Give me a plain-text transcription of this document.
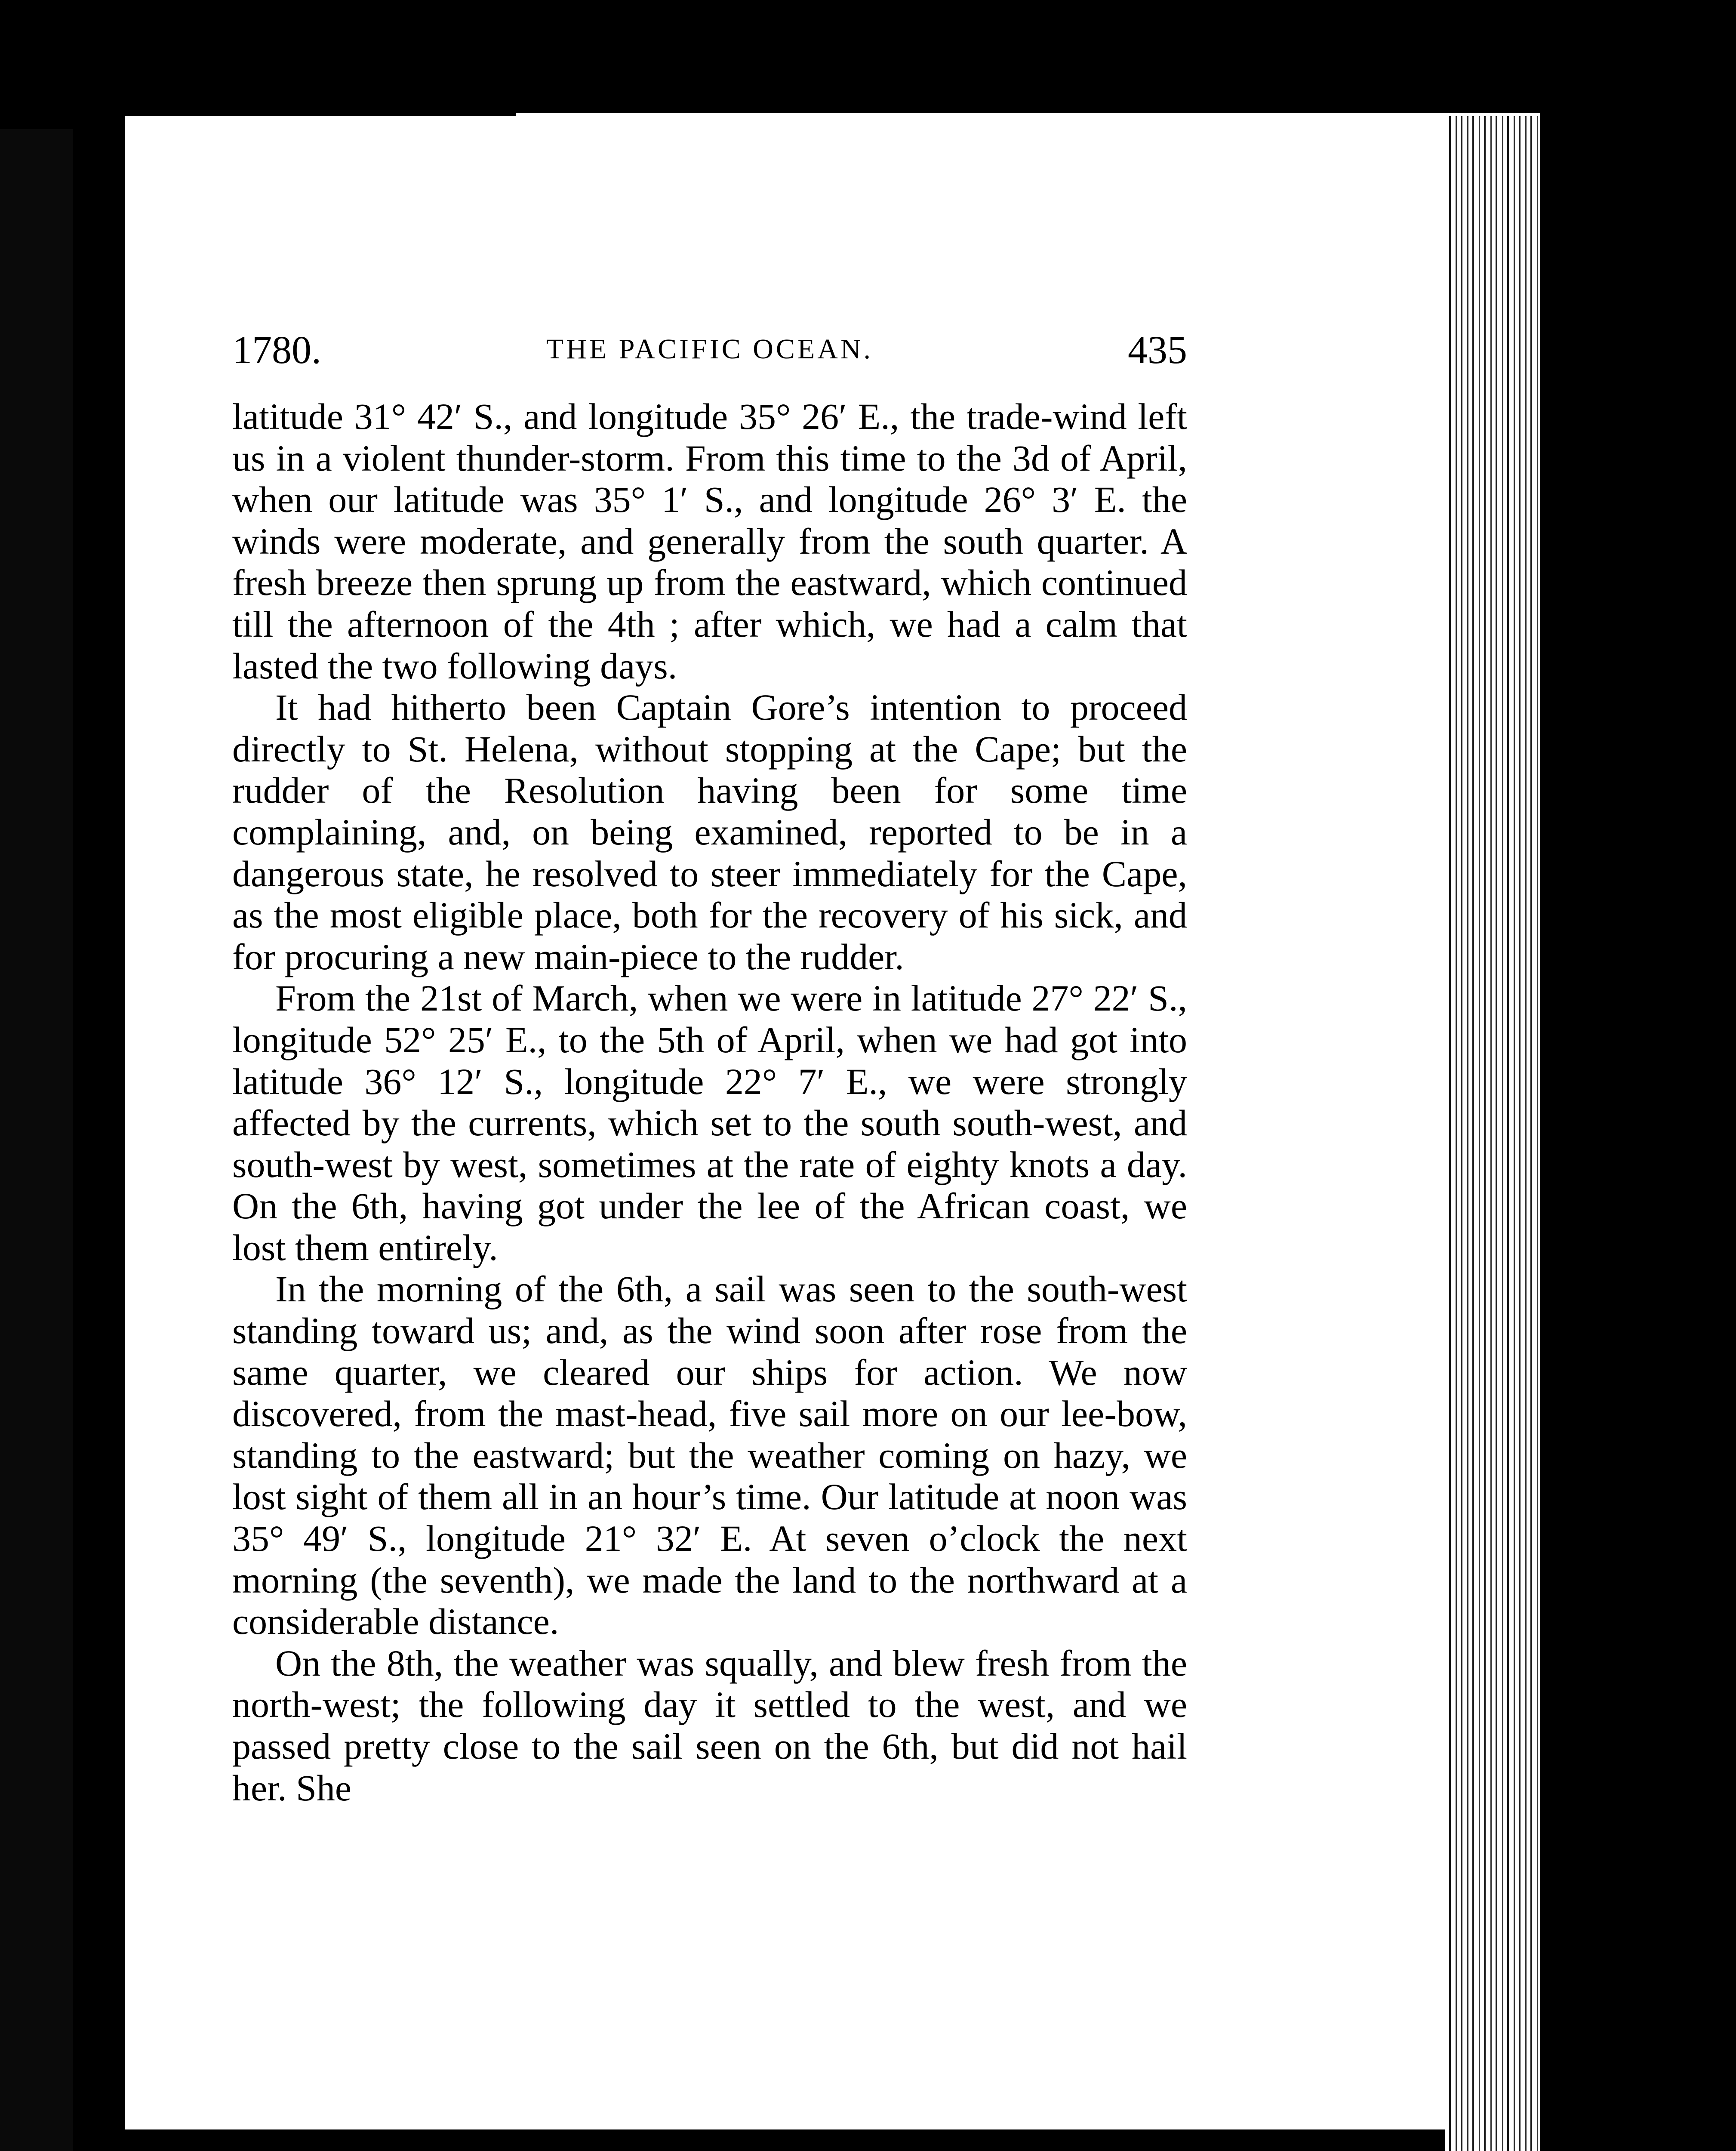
1780.	THE PACIFIC OCEAN.	435

latitude 31° 42′ S., and longitude 35° 26′ E., the trade-wind left us in a violent thunder-storm. From this time to the 3d of April, when our latitude was 35° 1′ S., and longitude 26° 3′ E. the winds were moderate, and generally from the south quarter. A fresh breeze then sprung up from the eastward, which continued till the afternoon of the 4th ; after which, we had a calm that lasted the two following days.

It had hitherto been Captain Gore’s intention to proceed directly to St. Helena, without stopping at the Cape; but the rudder of the Resolution having been for some time complaining, and, on being examined, reported to be in a dangerous state, he resolved to steer immediately for the Cape, as the most eligible place, both for the recovery of his sick, and for procuring a new main-piece to the rudder.

From the 21st of March, when we were in latitude 27° 22′ S., longitude 52° 25′ E., to the 5th of April, when we had got into latitude 36° 12′ S., longitude 22° 7′ E., we were strongly affected by the currents, which set to the south south-west, and south-west by west, sometimes at the rate of eighty knots a day. On the 6th, having got under the lee of the African coast, we lost them entirely.

In the morning of the 6th, a sail was seen to the south-west standing toward us; and, as the wind soon after rose from the same quarter, we cleared our ships for action. We now discovered, from the mast-head, five sail more on our lee-bow, standing to the eastward; but the weather coming on hazy, we lost sight of them all in an hour’s time. Our latitude at noon was 35° 49′ S., longitude 21° 32′ E. At seven o’clock the next morning (the seventh), we made the land to the northward at a considerable distance.

On the 8th, the weather was squally, and blew fresh from the north-west; the following day it settled to the west, and we passed pretty close to the sail seen on the 6th, but did not hail her. She
